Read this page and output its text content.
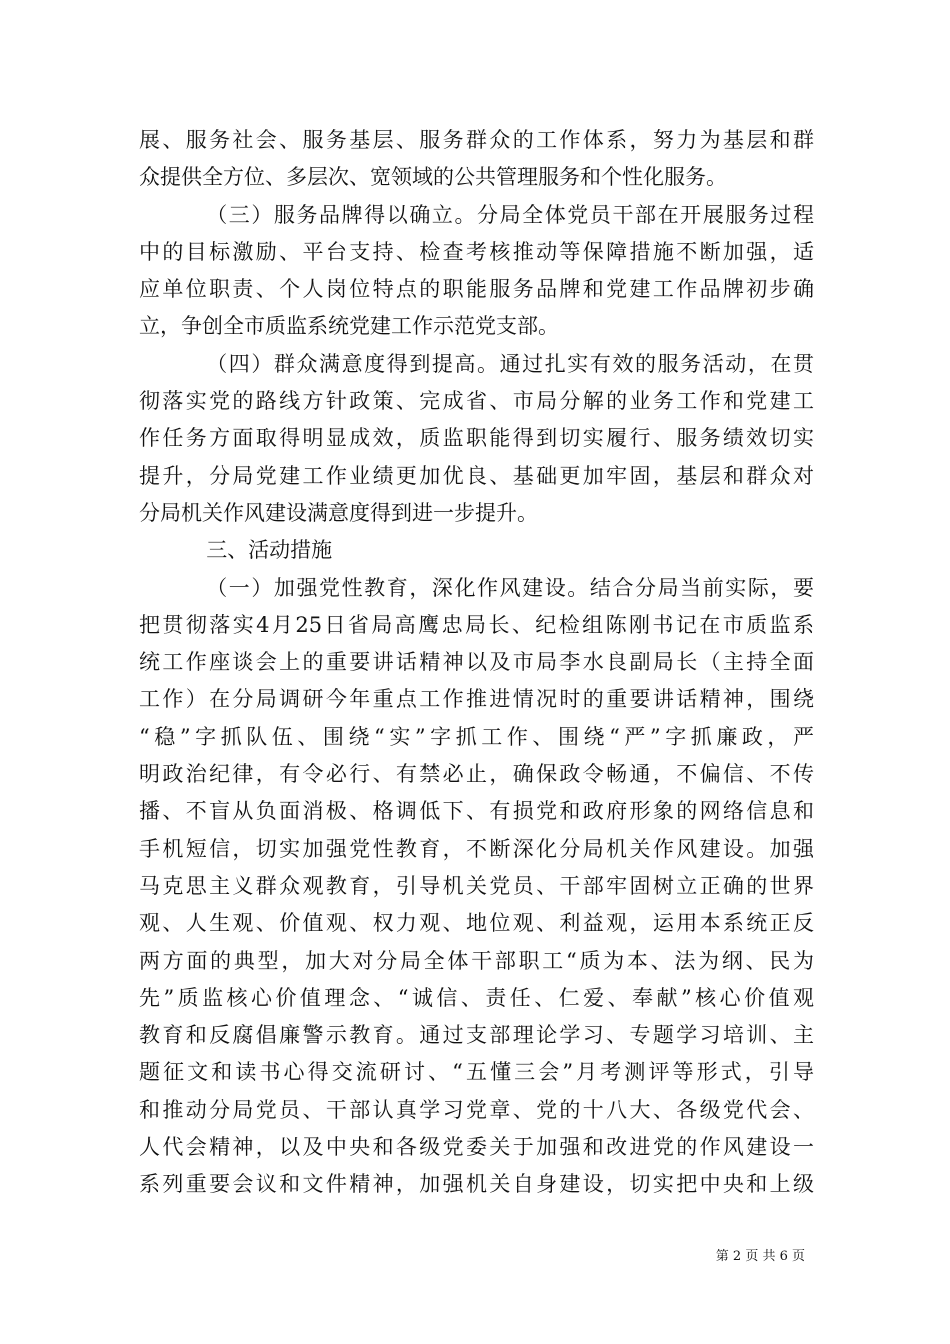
展、服务社会、服务基层、服务群众的工作体系，努力为基层和群
众提供全方位、多层次、宽领域的公共管理服务和个性化服务。
（三）服务品牌得以确立。分局全体党员干部在开展服务过程
中的目标激励、平台支持、检查考核推动等保障措施不断加强，适
应单位职责、个人岗位特点的职能服务品牌和党建工作品牌初步确
立，争创全市质监系统党建工作示范党支部。
（四）群众满意度得到提高。通过扎实有效的服务活动，在贯
彻落实党的路线方针政策、完成省、市局分解的业务工作和党建工
作任务方面取得明显成效，质监职能得到切实履行、服务绩效切实
提升，分局党建工作业绩更加优良、基础更加牢固，基层和群众对
分局机关作风建设满意度得到进一步提升。
三、活动措施
（一）加强党性教育，深化作风建设。结合分局当前实际，要
把贯彻落实4月25日省局高鹰忠局长、纪检组陈刚书记在市质监系
统工作座谈会上的重要讲话精神以及市局李水良副局长（主持全面
工作）在分局调研今年重点工作推进情况时的重要讲话精神，围绕
“稳”字抓队伍、围绕“实”字抓工作、围绕“严”字抓廉政，严
明政治纪律，有令必行、有禁必止，确保政令畅通，不偏信、不传
播、不盲从负面消极、格调低下、有损党和政府形象的网络信息和
手机短信，切实加强党性教育，不断深化分局机关作风建设。加强
马克思主义群众观教育，引导机关党员、干部牢固树立正确的世界
观、人生观、价值观、权力观、地位观、利益观，运用本系统正反
两方面的典型，加大对分局全体干部职工“质为本、法为纲、民为
先”质监核心价值理念、“诚信、责任、仁爱、奉献”核心价值观
教育和反腐倡廉警示教育。通过支部理论学习、专题学习培训、主
题征文和读书心得交流研讨、“五懂三会”月考测评等形式，引导
和推动分局党员、干部认真学习党章、党的十八大、各级党代会、
人代会精神，以及中央和各级党委关于加强和改进党的作风建设一
系列重要会议和文件精神，加强机关自身建设，切实把中央和上级
第 2 页 共 6 页
